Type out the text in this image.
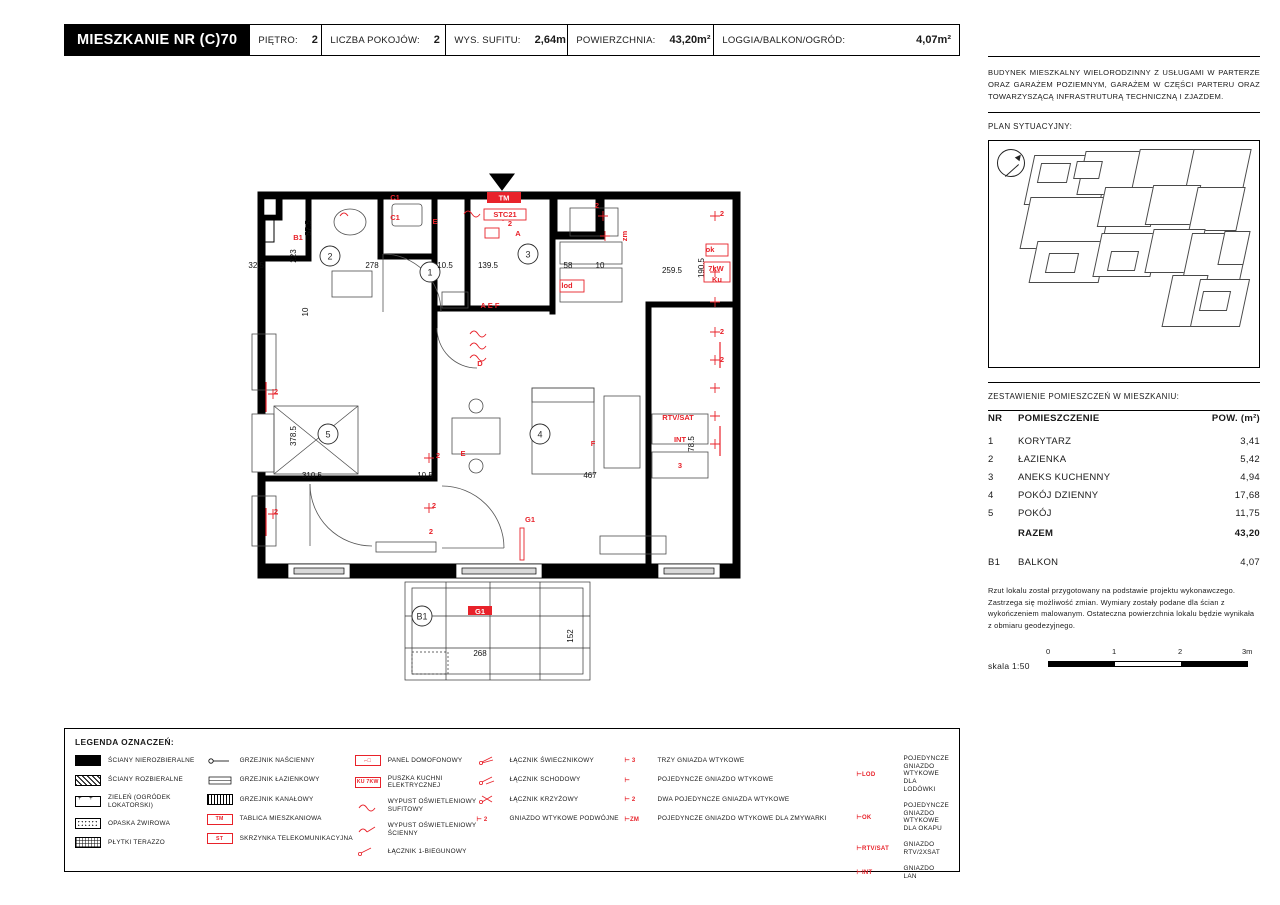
MIESZKANIE NR (C)70	PIĘTRO:	2 LICZBA POKOJÓW:	2 WYS. SUFITU:	2,64m POWIERZCHNIA:	43,20m² LOGGIA/BALKON/OGRÓD:	4,07m²
BUDYNEK MIESZKALNY WIELORODZINNY Z USŁUGAMI W PARTERZE ORAZ GARAŻEM POZIEMNYM, GARAŻEM W CZĘŚCI PARTERU ORAZ TOWARZYSZĄCĄ INFRASTRUTURĄ TECHNICZNĄ I ZJAZDEM.
PLAN SYTUACYJNY:
ZESTAWIENIE POMIESZCZEŃ W MIESZKANIU:
NR	POMIESZCZENIE	POW. (m²)
1	KORYTARZ	3,41
2	ŁAZIENKA	5,42
3	ANEKS KUCHENNY	4,94
4	POKÓJ DZIENNY	17,68
5	POKÓJ	11,75
RAZEM	43,20
B1	BALKON	4,07
Rzut lokalu został przygotowany na podstawie projektu wykonawczego. Zastrzega się możliwość zmian. Wymiary zostały podane dla ścian z wykończeniem malowanym. Ostateczna powierzchnia lokalu będzie wynikała z obmiaru geodezyjnego.
skala 1:50
0	1	2	3m
1
2	3
4
5
B1
32.5
223
278	10.5	139.5
57.5
58	10
259.5 190.5
10
378.5
310.5	10.5	467
78.5
152
268
TM
STC21
C1
C1
B1	A
E
A E F
D
lod
ok
7kW
Ku
RTV/SAT
INT
3
zm
2
2
2
E
F
G1
G1
2
2
2
2
2
2
2
LEGENDA OZNACZEŃ:
ŚCIANY NIEROZBIERALNE
ŚCIANY ROZBIERALNE
+ +
ZIELEŃ (OGRÓDEK LOKATORSKI)
OPASKA ŻWIROWA
PŁYTKI TERAZZO
GRZEJNIK NAŚCIENNY
GRZEJNIK ŁAZIENKOWY
GRZEJNIK KANAŁOWY
TM	TABLICA MIESZKANIOWA
ST	SKRZYNKA TELEKOMUNIKACYJNA
⌐□	PANEL DOMOFONOWY
KU 7KW
PUSZKA KUCHNI ELEKTRYCZNEJ
WYPUST OŚWIETLENIOWY SUFITOWY
WYPUST OŚWIETLENIOWY ŚCIENNY
ŁĄCZNIK 1-BIEGUNOWY
ŁĄCZNIK ŚWIECZNIKOWY
ŁĄCZNIK SCHODOWY
ŁĄCZNIK KRZYŻOWY
⊢ 2	GNIAZDO WTYKOWE PODWÓJNE
⊢ 3	TRZY GNIAZDA WTYKOWE
⊢	POJEDYNCZE GNIAZDO WTYKOWE
⊢ 2	DWA POJEDYNCZE GNIAZDA WTYKOWE
⊢ZM	POJEDYNCZE GNIAZDO WTYKOWE DLA ZMYWARKI
⊢LOD
POJEDYNCZE GNIAZDO WTYKOWE DLA LODÓWKI
⊢OK
POJEDYNCZE GNIAZDO WTYKOWE DLA OKAPU
⊢RTV/SAT
GNIAZDO RTV/2XSAT
⊢INT
GNIAZDO LAN
